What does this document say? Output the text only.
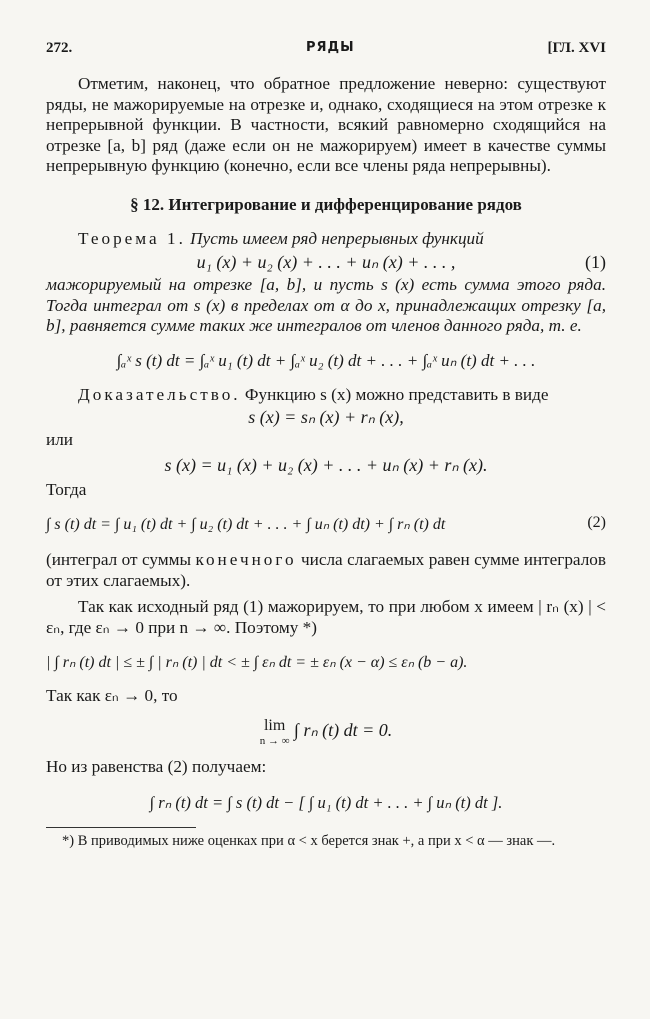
272.	РЯДЫ	[ГЛ. XVI

Отметим, наконец, что обратное предложение неверно: существуют ряды, не мажорируемые на отрезке и, однако, сходящиеся на этом отрезке к непрерывной функции. В частности, всякий равномерно сходящийся на отрезке [a, b] ряд (даже если он не мажорируем) имеет в качестве суммы непрерывную функцию (конечно, если все члены ряда непрерывны).

§ 12. Интегрирование и дифференцирование рядов

Теорема 1. Пусть имеем ряд непрерывных функций

u₁ (x) + u₂ (x) + . . . + uₙ (x) + . . . ,	(1)

мажорируемый на отрезке [a, b], и пусть s (x) есть сумма этого ряда. Тогда интеграл от s (x) в пределах от α до x, принадлежащих отрезку [a, b], равняется сумме таких же интегралов от членов данного ряда, т. е.

∫ₐˣ s (t) dt = ∫ₐˣ u₁ (t) dt + ∫ₐˣ u₂ (t) dt + . . . + ∫ₐˣ uₙ (t) dt + . . .

Доказательство. Функцию s (x) можно представить в виде

s (x) = sₙ (x) + rₙ (x),

или

s (x) = u₁ (x) + u₂ (x) + . . . + uₙ (x) + rₙ (x).

Тогда

∫ s (t) dt = ∫ u₁ (t) dt + ∫ u₂ (t) dt + . . . + ∫ uₙ (t) dt) + ∫ rₙ (t) dt	(2)

(интеграл от суммы конечного числа слагаемых равен сумме интегралов от этих слагаемых).

Так как исходный ряд (1) мажорируем, то при любом x имеем | rₙ (x) | < εₙ, где εₙ → 0 при n → ∞. Поэтому *)

| ∫ rₙ (t) dt | ≤ ± ∫ | rₙ (t) | dt < ± ∫ εₙ dt = ± εₙ (x − α) ≤ εₙ (b − a).

Так как εₙ → 0, то

lim
n → ∞
∫ rₙ (t) dt = 0.

Но из равенства (2) получаем:

∫ rₙ (t) dt = ∫ s (t) dt − [ ∫ u₁ (t) dt + . . . + ∫ uₙ (t) dt ].

*) В приводимых ниже оценках при α < x берется знак +, а при x < α — знак —.
